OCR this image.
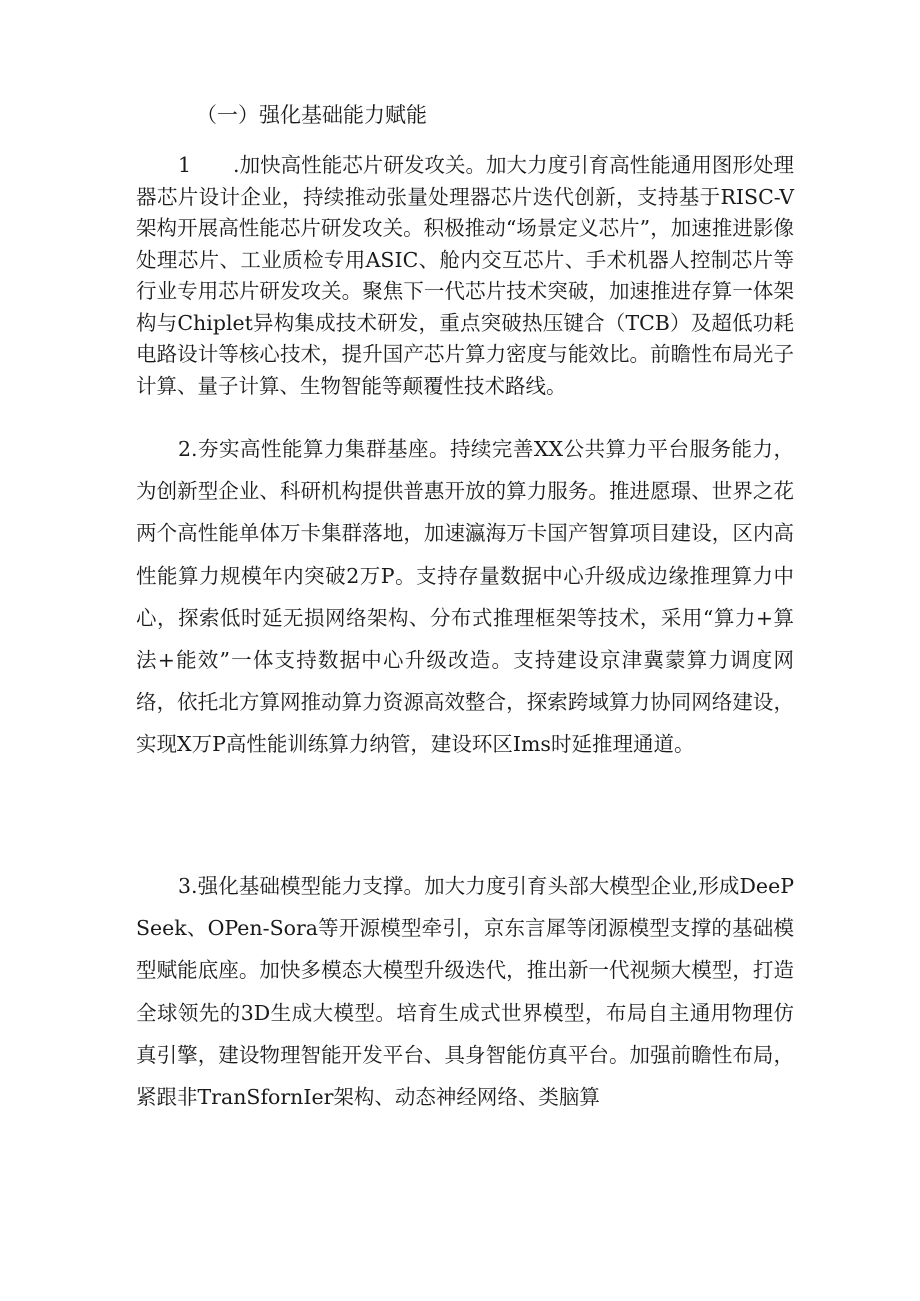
（一）强化基础能力赋能

1 .加快高性能芯片研发攻关。加大力度引育高性能通用图形处理器芯片设计企业，持续推动张量处理器芯片迭代创新，支持基于RISC-V架构开展高性能芯片研发攻关。积极推动“场景定义芯片”，加速推进影像处理芯片、工业质检专用ASIC、舱内交互芯片、手术机器人控制芯片等行业专用芯片研发攻关。聚焦下一代芯片技术突破，加速推进存算一体架构与Chiplet异构集成技术研发，重点突破热压键合（TCB）及超低功耗电路设计等核心技术，提升国产芯片算力密度与能效比。前瞻性布局光子计算、量子计算、生物智能等颠覆性技术路线。

2.夯实高性能算力集群基座。持续完善XX公共算力平台服务能力，为创新型企业、科研机构提供普惠开放的算力服务。推进愿璟、世界之花两个高性能单体万卡集群落地，加速瀛海万卡国产智算项目建设，区内高性能算力规模年内突破2万P。支持存量数据中心升级成边缘推理算力中心，探索低时延无损网络架构、分布式推理框架等技术，采用“算力+算法+能效”一体支持数据中心升级改造。支持建设京津冀蒙算力调度网络，依托北方算网推动算力资源高效整合，探索跨域算力协同网络建设，实现X万P高性能训练算力纳管，建设环区Ims时延推理通道。

3.强化基础模型能力支撑。加大力度引育头部大模型企业,形成DeePSeek、OPen-Sora等开源模型牵引，京东言犀等闭源模型支撑的基础模型赋能底座。加快多模态大模型升级迭代，推出新一代视频大模型，打造全球领先的3D生成大模型。培育生成式世界模型，布局自主通用物理仿真引擎，建设物理智能开发平台、具身智能仿真平台。加强前瞻性布局，紧跟非TranSfornIer架构、动态神经网络、类脑算
